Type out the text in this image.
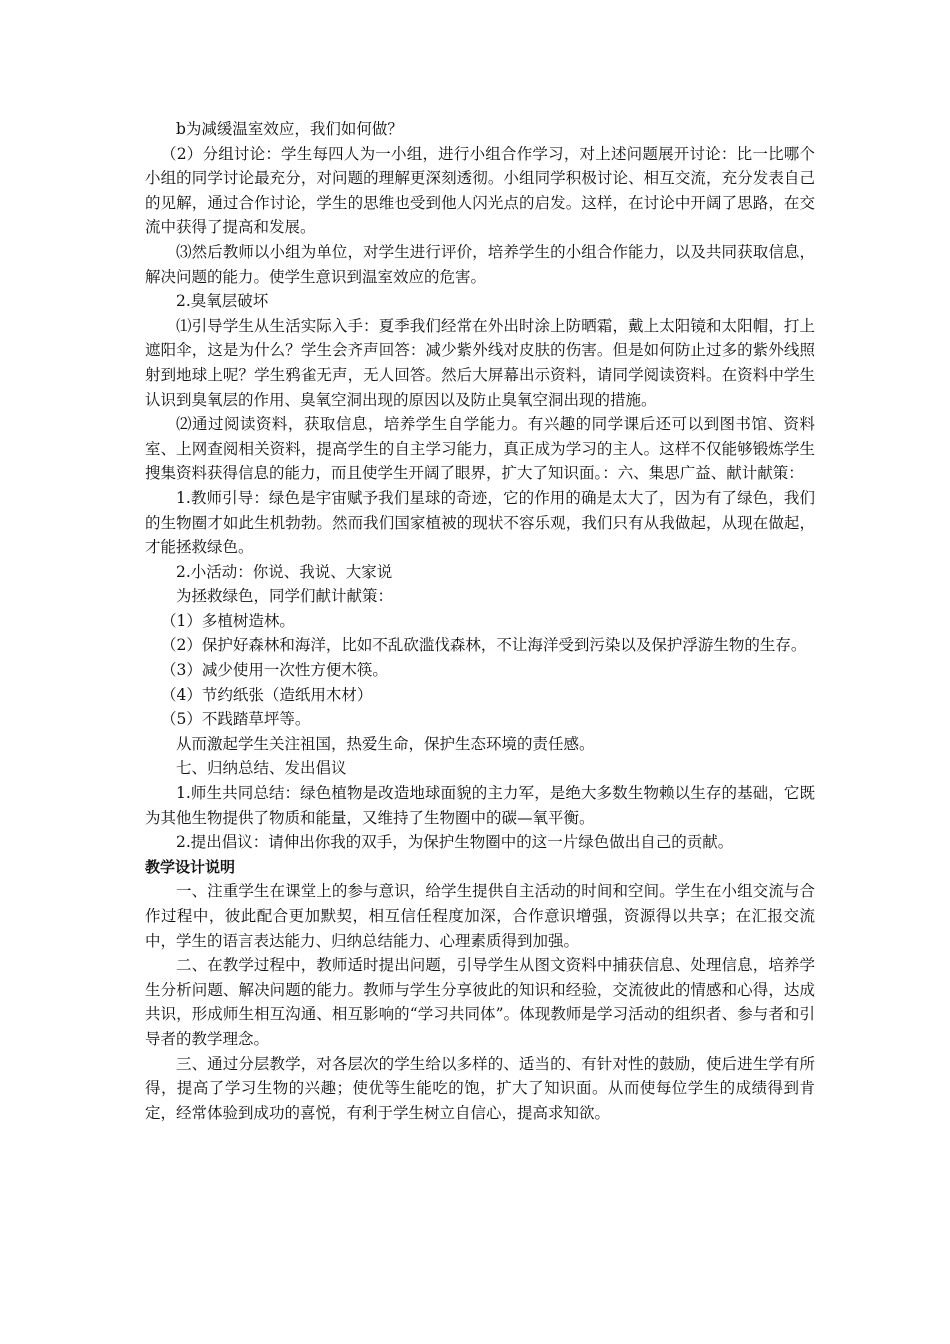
b为减缓温室效应，我们如何做？

（2）分组讨论：学生每四人为一小组，进行小组合作学习，对上述问题展开讨论：比一比哪个小组的同学讨论最充分，对问题的理解更深刻透彻。小组同学积极讨论、相互交流，充分发表自己的见解，通过合作讨论，学生的思维也受到他人闪光点的启发。这样，在讨论中开阔了思路，在交流中获得了提高和发展。

⑶然后教师以小组为单位，对学生进行评价，培养学生的小组合作能力，以及共同获取信息，解决问题的能力。使学生意识到温室效应的危害。

2.臭氧层破坏

⑴引导学生从生活实际入手：夏季我们经常在外出时涂上防晒霜，戴上太阳镜和太阳帽，打上遮阳伞，这是为什么？学生会齐声回答：减少紫外线对皮肤的伤害。但是如何防止过多的紫外线照射到地球上呢？学生鸦雀无声，无人回答。然后大屏幕出示资料，请同学阅读资料。在资料中学生认识到臭氧层的作用、臭氧空洞出现的原因以及防止臭氧空洞出现的措施。

⑵通过阅读资料，获取信息，培养学生自学能力。有兴趣的同学课后还可以到图书馆、资料室、上网查阅相关资料，提高学生的自主学习能力，真正成为学习的主人。这样不仅能够锻炼学生搜集资料获得信息的能力，而且使学生开阔了眼界，扩大了知识面。：六、集思广益、献计献策：

1.教师引导：绿色是宇宙赋予我们星球的奇迹，它的作用的确是太大了，因为有了绿色，我们的生物圈才如此生机勃勃。然而我们国家植被的现状不容乐观，我们只有从我做起，从现在做起，才能拯救绿色。

2.小活动：你说、我说、大家说

为拯救绿色，同学们献计献策：

（1）多植树造林。

（2）保护好森林和海洋，比如不乱砍滥伐森林，不让海洋受到污染以及保护浮游生物的生存。

（3）减少使用一次性方便木筷。

（4）节约纸张（造纸用木材）

（5）不践踏草坪等。

从而激起学生关注祖国，热爱生命，保护生态环境的责任感。

七、归纳总结、发出倡议

1.师生共同总结：绿色植物是改造地球面貌的主力军，是绝大多数生物赖以生存的基础，它既为其他生物提供了物质和能量，又维持了生物圈中的碳—氧平衡。

2.提出倡议：请伸出你我的双手，为保护生物圈中的这一片绿色做出自己的贡献。

教学设计说明

一、注重学生在课堂上的参与意识，给学生提供自主活动的时间和空间。学生在小组交流与合作过程中，彼此配合更加默契，相互信任程度加深，合作意识增强，资源得以共享；在汇报交流中，学生的语言表达能力、归纳总结能力、心理素质得到加强。

二、在教学过程中，教师适时提出问题，引导学生从图文资料中捕获信息、处理信息，培养学生分析问题、解决问题的能力。教师与学生分享彼此的知识和经验，交流彼此的情感和心得，达成共识，形成师生相互沟通、相互影响的“学习共同体”。体现教师是学习活动的组织者、参与者和引导者的教学理念。

三、通过分层教学，对各层次的学生给以多样的、适当的、有针对性的鼓励，使后进生学有所得，提高了学习生物的兴趣；使优等生能吃的饱，扩大了知识面。从而使每位学生的成绩得到肯定，经常体验到成功的喜悦，有利于学生树立自信心，提高求知欲。
